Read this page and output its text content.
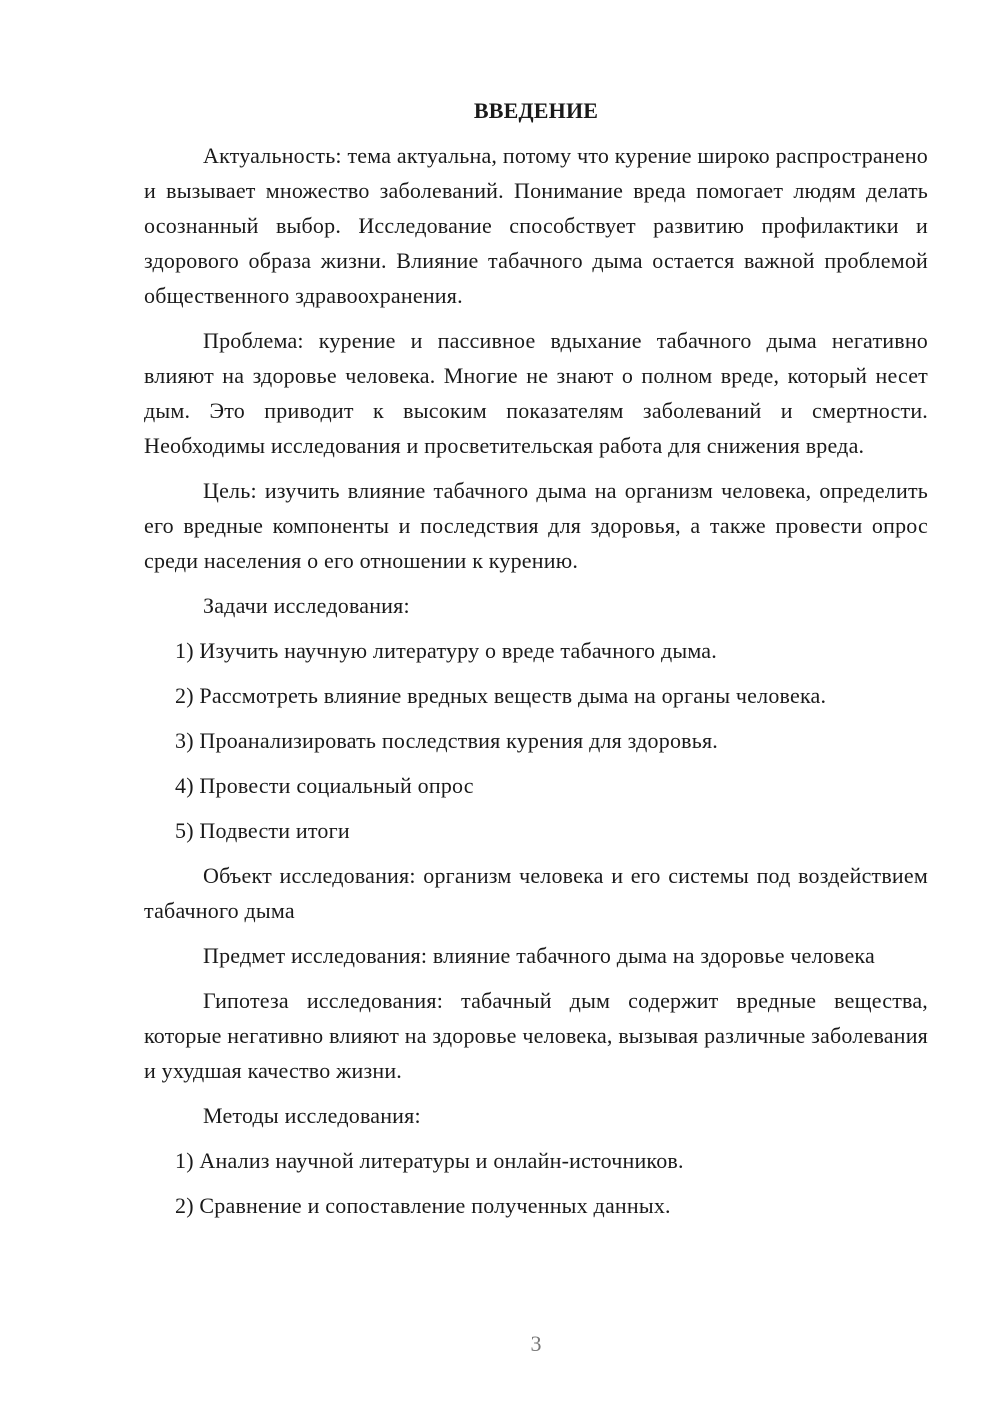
ВВЕДЕНИЕ

Актуальность: тема актуальна, потому что курение широко распространено и вызывает множество заболеваний. Понимание вреда помогает людям делать осознанный выбор. Исследование способствует развитию профилактики и здорового образа жизни. Влияние табачного дыма остается важной проблемой общественного здравоохранения.

Проблема: курение и пассивное вдыхание табачного дыма негативно влияют на здоровье человека. Многие не знают о полном вреде, который несет дым. Это приводит к высоким показателям заболеваний и смертности. Необходимы исследования и просветительская работа для снижения вреда.

Цель: изучить влияние табачного дыма на организм человека, определить его вредные компоненты и последствия для здоровья, а также провести опрос среди населения о его отношении к курению.

Задачи исследования:

1) Изучить научную литературу о вреде табачного дыма.

2) Рассмотреть влияние вредных веществ дыма на органы человека.

3) Проанализировать последствия курения для здоровья.

4) Провести социальный опрос

5) Подвести итоги

Объект исследования: организм человека и его системы под воздействием табачного дыма

Предмет исследования: влияние табачного дыма на здоровье человека

Гипотеза исследования: табачный дым содержит вредные вещества, которые негативно влияют на здоровье человека, вызывая различные заболевания и ухудшая качество жизни.

Методы исследования:

1) Анализ научной литературы и онлайн-источников.

2) Сравнение и сопоставление полученных данных.

3
